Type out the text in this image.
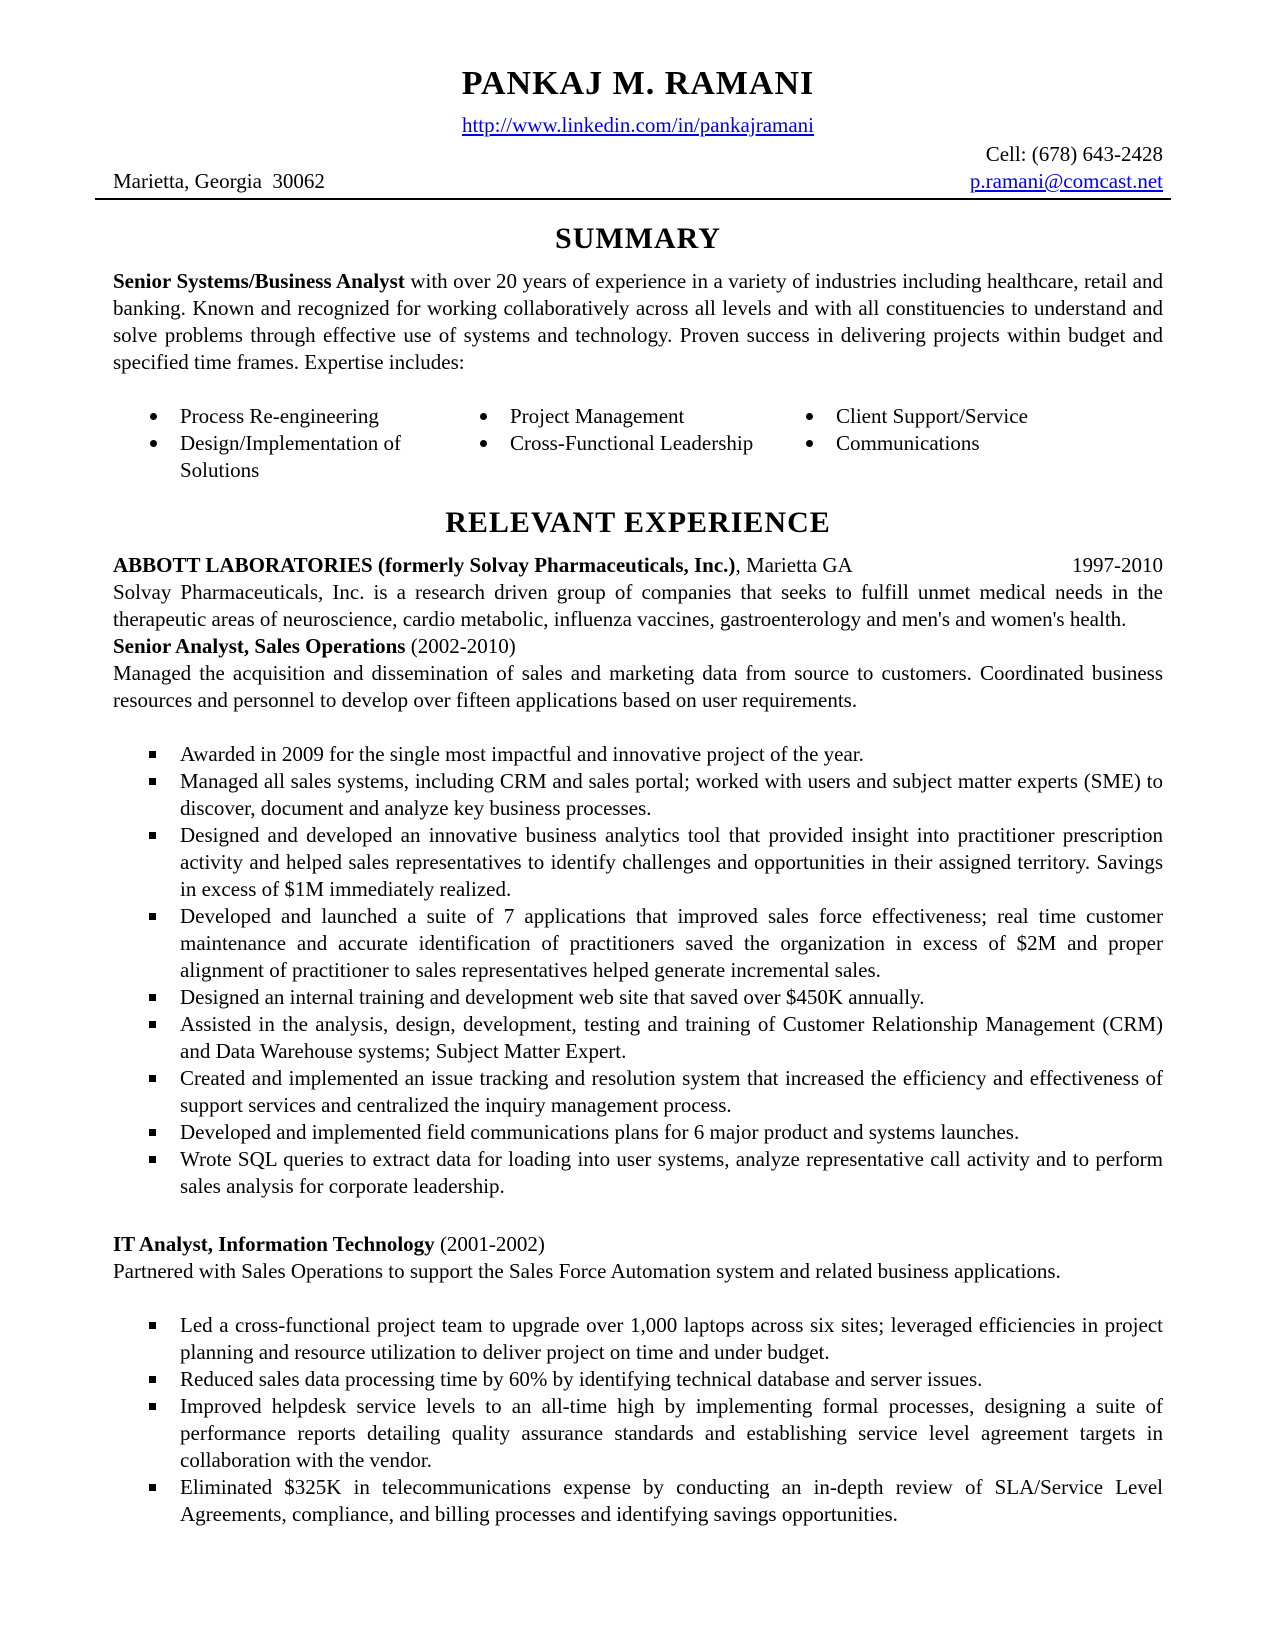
PANKAJ M. RAMANI
http://www.linkedin.com/in/pankajramani
Cell: (678) 643-2428
Marietta, Georgia  30062	p.ramani@comcast.net
SUMMARY

Senior Systems/Business Analyst with over 20 years of experience in a variety of industries including healthcare, retail and banking. Known and recognized for working collaboratively across all levels and with all constituencies to understand and solve problems through effective use of systems and technology. Proven success in delivering projects within budget and specified time frames. Expertise includes:

Process Re-engineering
Design/Implementation of Solutions
Project Management
Cross-Functional Leadership
Client Support/Service
Communications
RELEVANT EXPERIENCE
ABBOTT LABORATORIES (formerly Solvay Pharmaceuticals, Inc.), Marietta GA	1997-2010

Solvay Pharmaceuticals, Inc. is a research driven group of companies that seeks to fulfill unmet medical needs in the therapeutic areas of neuroscience, cardio metabolic, influenza vaccines, gastroenterology and men's and women's health.

Senior Analyst, Sales Operations (2002-2010)

Managed the acquisition and dissemination of sales and marketing data from source to customers. Coordinated business resources and personnel to develop over fifteen applications based on user requirements.

Awarded in 2009 for the single most impactful and innovative project of the year.
Managed all sales systems, including CRM and sales portal; worked with users and subject matter experts (SME) to discover, document and analyze key business processes.
Designed and developed an innovative business analytics tool that provided insight into practitioner prescription activity and helped sales representatives to identify challenges and opportunities in their assigned territory. Savings in excess of $1M immediately realized.
Developed and launched a suite of 7 applications that improved sales force effectiveness; real time customer maintenance and accurate identification of practitioners saved the organization in excess of $2M and proper alignment of practitioner to sales representatives helped generate incremental sales.
Designed an internal training and development web site that saved over $450K annually.
Assisted in the analysis, design, development, testing and training of Customer Relationship Management (CRM) and Data Warehouse systems; Subject Matter Expert.
Created and implemented an issue tracking and resolution system that increased the efficiency and effectiveness of support services and centralized the inquiry management process.
Developed and implemented field communications plans for 6 major product and systems launches.
Wrote SQL queries to extract data for loading into user systems, analyze representative call activity and to perform sales analysis for corporate leadership.

IT Analyst, Information Technology (2001-2002)

Partnered with Sales Operations to support the Sales Force Automation system and related business applications.

Led a cross-functional project team to upgrade over 1,000 laptops across six sites; leveraged efficiencies in project planning and resource utilization to deliver project on time and under budget.
Reduced sales data processing time by 60% by identifying technical database and server issues.
Improved helpdesk service levels to an all-time high by implementing formal processes, designing a suite of performance reports detailing quality assurance standards and establishing service level agreement targets in collaboration with the vendor.
Eliminated $325K in telecommunications expense by conducting an in-depth review of SLA/Service Level Agreements, compliance, and billing processes and identifying savings opportunities.
